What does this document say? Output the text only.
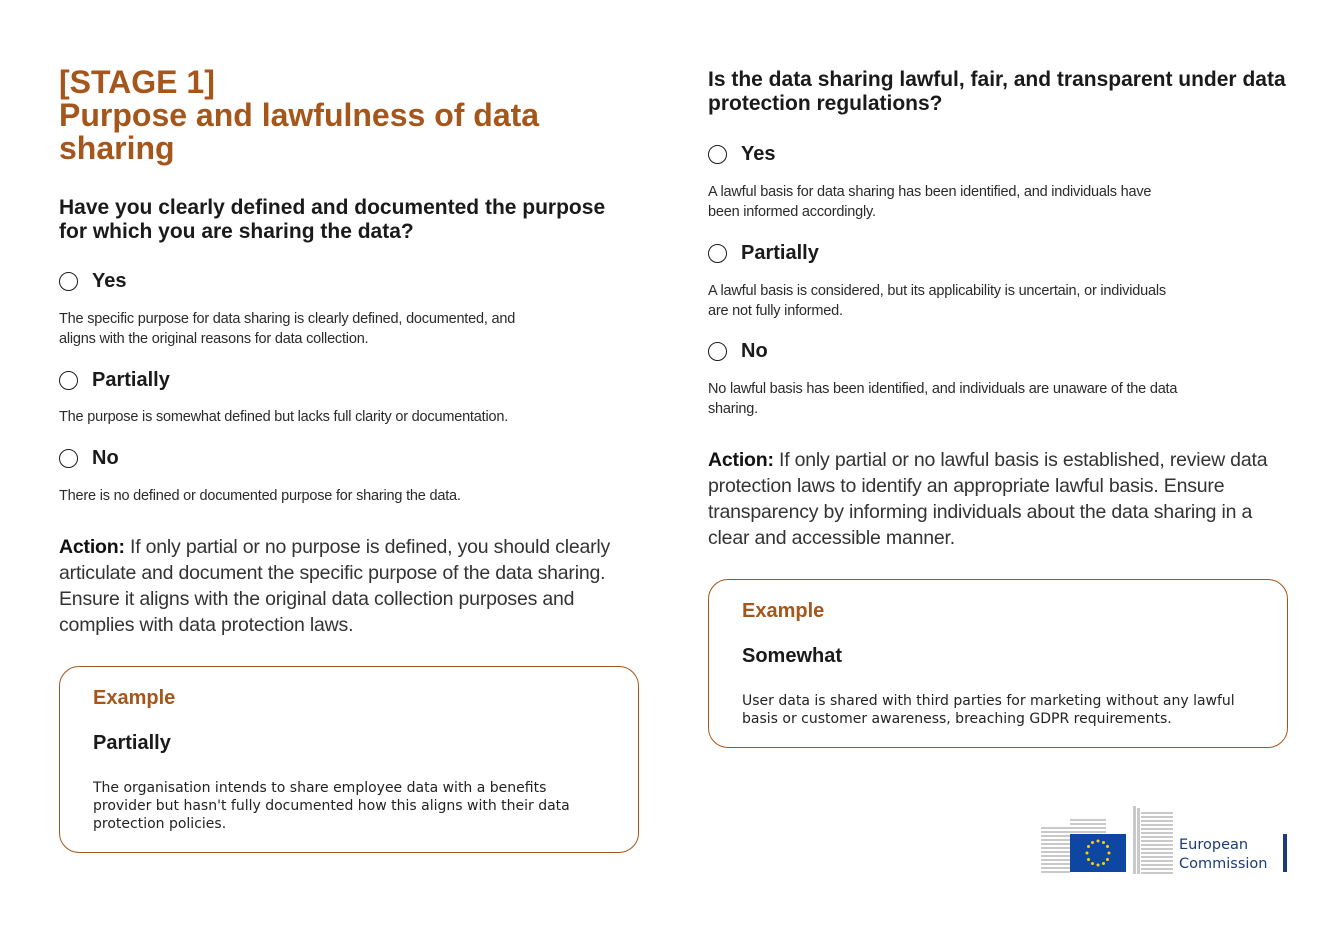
[STAGE 1]
Purpose and lawfulness of data sharing

Have you clearly defined and documented the purpose for which you are sharing the data?

Yes

The specific purpose for data sharing is clearly defined, documented, and aligns with the original reasons for data collection.

Partially

The purpose is somewhat defined but lacks full clarity or documentation.

No

There is no defined or documented purpose for sharing the data.

Action: If only partial or no purpose is defined, you should clearly articulate and document the specific purpose of the data sharing. Ensure it aligns with the original data collection purposes and complies with data protection laws.

Example
Partially

The organisation intends to share employee data with a benefits provider but hasn't fully documented how this aligns with their data protection policies.

Is the data sharing lawful, fair, and transparent under data protection regulations?

Yes

A lawful basis for data sharing has been identified, and individuals have been informed accordingly.

Partially

A lawful basis is considered, but its applicability is uncertain, or individuals are not fully informed.

No

No lawful basis has been identified, and individuals are unaware of the data sharing.

Action: If only partial or no lawful basis is established, review data protection laws to identify an appropriate lawful basis. Ensure transparency by informing individuals about the data sharing in a clear and accessible manner.

Example
Somewhat

User data is shared with third parties for marketing without any lawful basis or customer awareness, breaching GDPR requirements.

European
Commission
